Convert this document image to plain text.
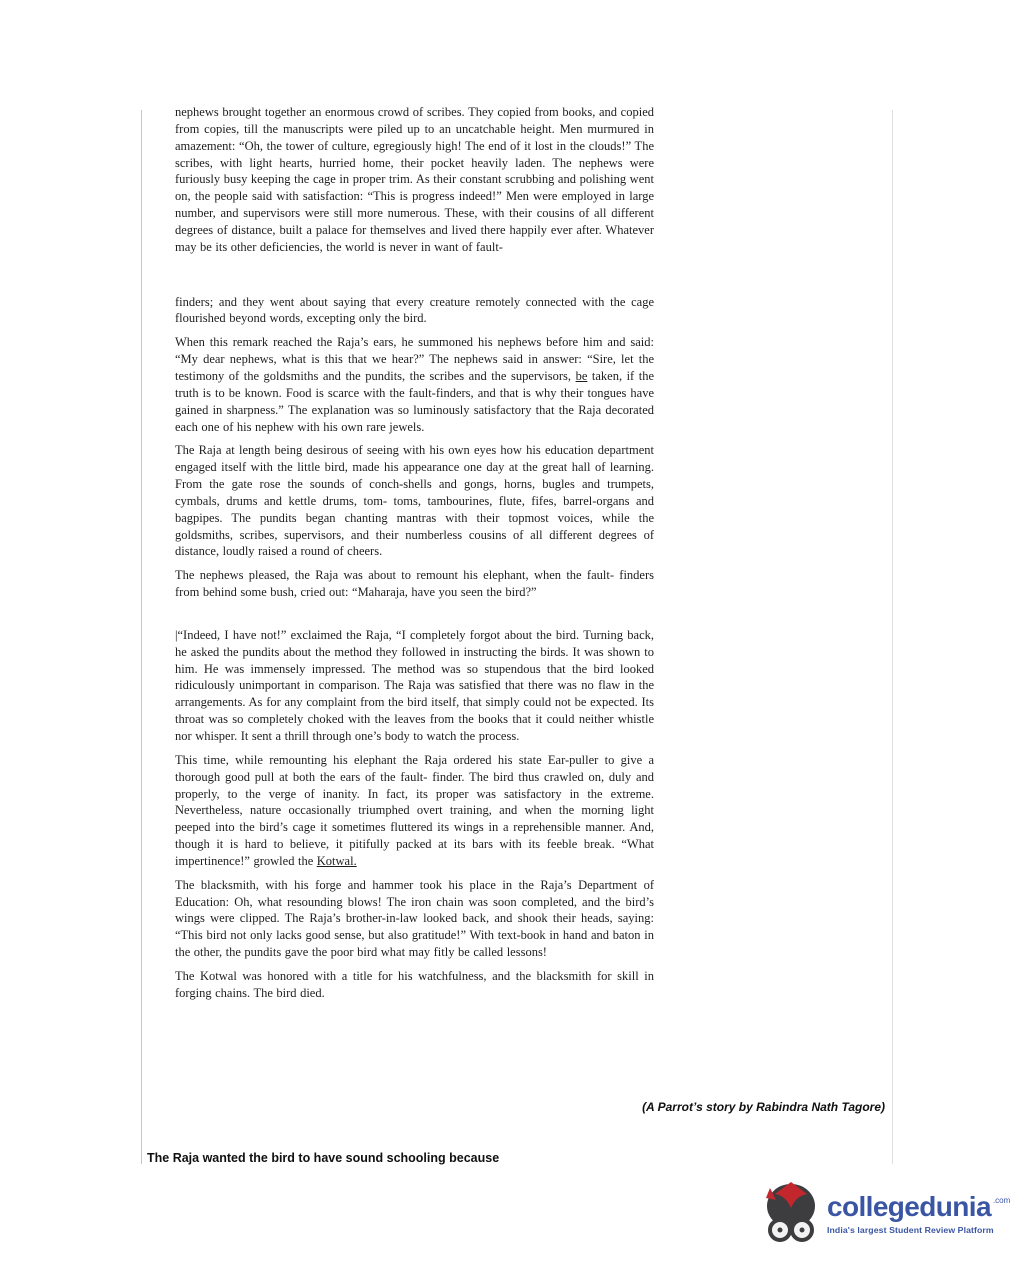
nephews brought together an enormous crowd of scribes. They copied from books, and copied from copies, till the manuscripts were piled up to an uncatchable height. Men murmured in amazement: “Oh, the tower of culture, egregiously high! The end of it lost in the clouds!” The scribes, with light hearts, hurried home, their pocket heavily laden. The nephews were furiously busy keeping the cage in proper trim. As their constant scrubbing and polishing went on, the people said with satisfaction: “This is progress indeed!” Men were employed in large number, and supervisors were still more numerous. These, with their cousins of all different degrees of distance, built a palace for themselves and lived there happily ever after. Whatever may be its other deficiencies, the world is never in want of fault-

finders; and they went about saying that every creature remotely connected with the cage flourished beyond words, excepting only the bird.

When this remark reached the Raja’s ears, he summoned his nephews before him and said: “My dear nephews, what is this that we hear?” The nephews said in answer: “Sire, let the testimony of the goldsmiths and the pundits, the scribes and the supervisors, be taken, if the truth is to be known. Food is scarce with the fault-finders, and that is why their tongues have gained in sharpness.” The explanation was so luminously satisfactory that the Raja decorated each one of his nephew with his own rare jewels.

The Raja at length being desirous of seeing with his own eyes how his education department engaged itself with the little bird, made his appearance one day at the great hall of learning. From the gate rose the sounds of conch-shells and gongs, horns, bugles and trumpets, cymbals, drums and kettle drums, tom- toms, tambourines, flute, fifes, barrel-organs and bagpipes. The pundits began chanting mantras with their topmost voices, while the goldsmiths, scribes, supervisors, and their numberless cousins of all different degrees of distance, loudly raised a round of cheers.

The nephews pleased, the Raja was about to remount his elephant, when the fault- finders from behind some bush, cried out: “Maharaja, have you seen the bird?”

|“Indeed, I have not!” exclaimed the Raja, “I completely forgot about the bird. Turning back, he asked the pundits about the method they followed in instructing the birds. It was shown to him. He was immensely impressed. The method was so stupendous that the bird looked ridiculously unimportant in comparison. The Raja was satisfied that there was no flaw in the arrangements. As for any complaint from the bird itself, that simply could not be expected. Its throat was so completely choked with the leaves from the books that it could neither whistle nor whisper. It sent a thrill through one’s body to watch the process.

This time, while remounting his elephant the Raja ordered his state Ear-puller to give a thorough good pull at both the ears of the fault- finder. The bird thus crawled on, duly and properly, to the verge of inanity. In fact, its proper was satisfactory in the extreme. Nevertheless, nature occasionally triumphed overt training, and when the morning light peeped into the bird’s cage it sometimes fluttered its wings in a reprehensible manner. And, though it is hard to believe, it pitifully packed at its bars with its feeble break. “What impertinence!” growled the Kotwal.

The blacksmith, with his forge and hammer took his place in the Raja’s Department of Education: Oh, what resounding blows! The iron chain was soon completed, and the bird’s wings were clipped. The Raja’s brother-in-law looked back, and shook their heads, saying: “This bird not only lacks good sense, but also gratitude!” With text-book in hand and baton in the other, the pundits gave the poor bird what may fitly be called lessons!

The Kotwal was honored with a title for his watchfulness, and the blacksmith for skill in forging chains. The bird died.

(A Parrot’s story by Rabindra Nath Tagore)
The Raja wanted the bird to have sound schooling because
collegedunia .com
India's largest Student Review Platform
